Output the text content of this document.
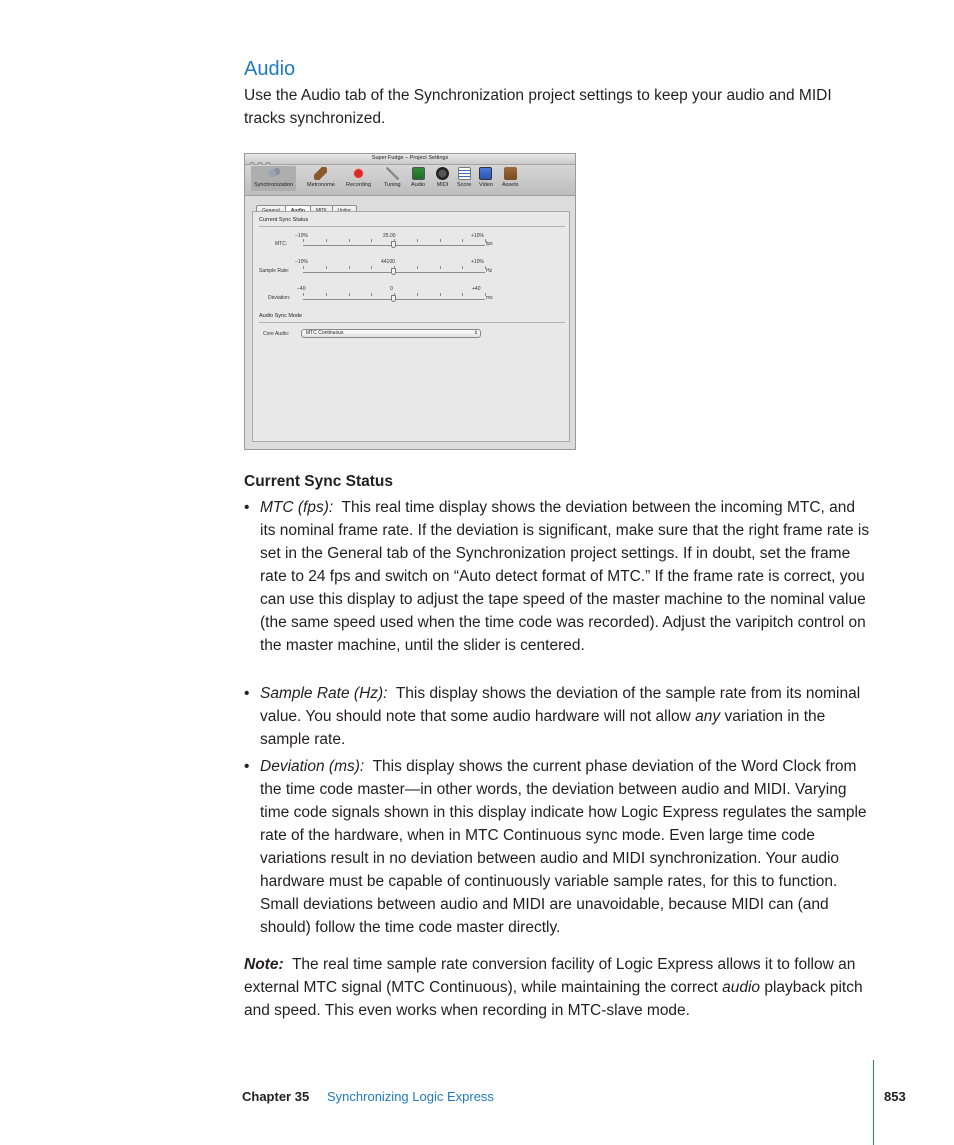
Audio

Use the Audio tab of the Synchronization project settings to keep your audio and MIDI tracks synchronized.

Super Fudge – Project Settings
Synchronization	Metronome Recording Tuning Audio MIDI Score Video Assets
Current Sync Status
−10%	25.00	+10%
MTC:	fps
−10%	44100	+10%
Sample Rate:	Hz
−40	0	+40
Deviation:	ms
Audio Sync Mode
Core Audio:	MTC Continuous	⇕
Current Sync Status
• MTC (fps): This real time display shows the deviation between the incoming MTC, and its nominal frame rate. If the deviation is significant, make sure that the right frame rate is set in the General tab of the Synchronization project settings. If in doubt, set the frame rate to 24 fps and switch on “Auto detect format of MTC.” If the frame rate is correct, you can use this display to adjust the tape speed of the master machine to the nominal value (the same speed used when the time code was recorded). Adjust the varipitch control on the master machine, until the slider is centered.
• Sample Rate (Hz): This display shows the deviation of the sample rate from its nominal value. You should note that some audio hardware will not allow any variation in the sample rate.
• Deviation (ms): This display shows the current phase deviation of the Word Clock from the time code master—in other words, the deviation between audio and MIDI. Varying time code signals shown in this display indicate how Logic Express regulates the sample rate of the hardware, when in MTC Continuous sync mode. Even large time code variations result in no deviation between audio and MIDI synchronization. Your audio hardware must be capable of continuously variable sample rates, for this to function. Small deviations between audio and MIDI are unavoidable, because MIDI can (and should) follow the time code master directly.

Note: The real time sample rate conversion facility of Logic Express allows it to follow an external MTC signal (MTC Continuous), while maintaining the correct audio playback pitch and speed. This even works when recording in MTC-slave mode.

Chapter 35 Synchronizing Logic Express	853
